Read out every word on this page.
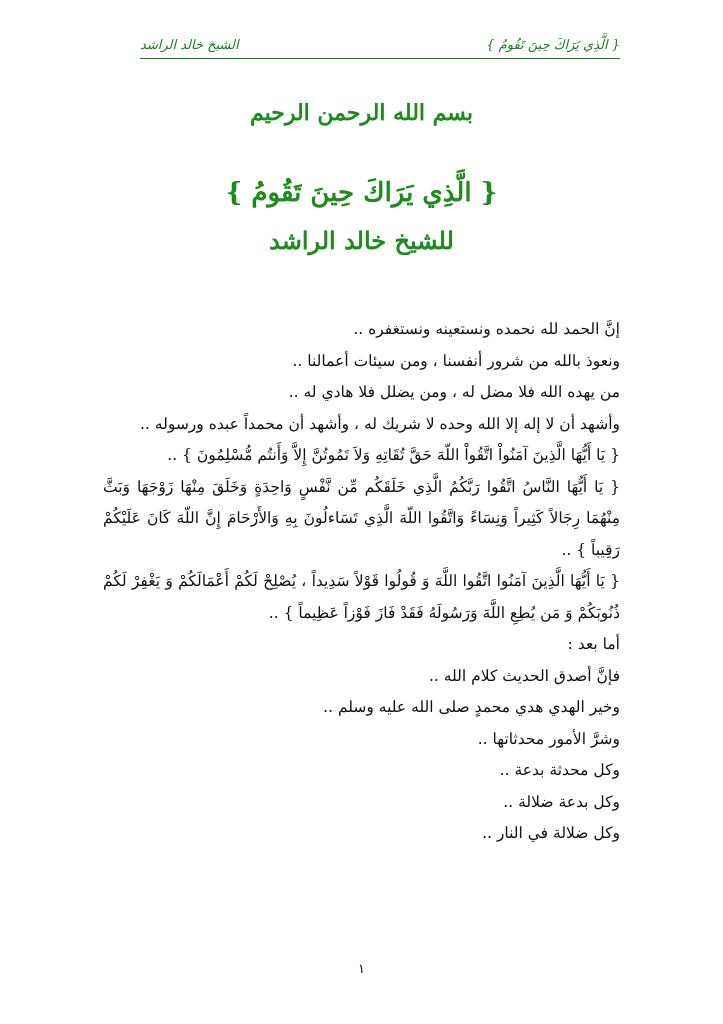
{ الَّذِي يَرَاكَ حِينَ تَقُومُ }
الشيخ خالد الراشد
بسم الله الرحمن الرحيم
{ الَّذِي يَرَاكَ حِينَ تَقُومُ }
للشيخ خالد الراشد

إنَّ الحمد لله نحمده ونستعينه ونستغفره ..

ونعوذ بالله من شرور أنفسنا ، ومن سيئات أعمالنا ..

من يهده الله فلا مضل له ، ومن يضلل فلا هادي له ..

وأشهد أن لا إله إلا الله وحده لا شريك له ، وأشهد أن محمداً عبده ورسوله ..

{ يَا أَيُّهَا الَّذِينَ آمَنُواْ اتَّقُواْ اللّهَ حَقَّ تُقَاتِهِ وَلاَ تَمُوتُنَّ إِلاَّ وَأَنتُم مُّسْلِمُونَ } ..

{ يَا أَيُّهَا النَّاسُ اتَّقُوا رَبَّكُمُ الَّذِي خَلَقَكُم مِّن نَّفْسٍ وَاحِدَةٍ وَخَلَقَ مِنْهَا زَوْجَهَا وَبَثَّ مِنْهُمَا رِجَالاً كَثِيراً وَنِسَاءً وَاتَّقُوا اللّهَ الَّذِي تَسَاءلُونَ بِهِ وَالأَرْحَامَ إِنَّ اللّهَ كَانَ عَلَيْكُمْ رَقِيباً } ..

{ يَا أَيُّهَا الَّذِينَ آمَنُوا اتَّقُوا اللَّهَ وَ قُولُوا قَوْلاً سَدِيداً ، يُصْلِحْ لَكُمْ أَعْمَالَكُمْ وَ يَغْفِرْ لَكُمْ ذُنُوبَكُمْ وَ مَن يُطِعِ اللَّهَ وَرَسُولَهُ فَقَدْ فَازَ فَوْزاً عَظِيماً } ..

أما بعد :

فإنَّ أصدق الحديث كلام الله ..

وخير الهدي هدي محمدٍ صلى الله عليه وسلم ..

وشرَّ الأمور محدثاتها ..

وكل محدثة بدعة ..

وكل بدعة ضلالة ..

وكل ضلالة في النار ..

١
